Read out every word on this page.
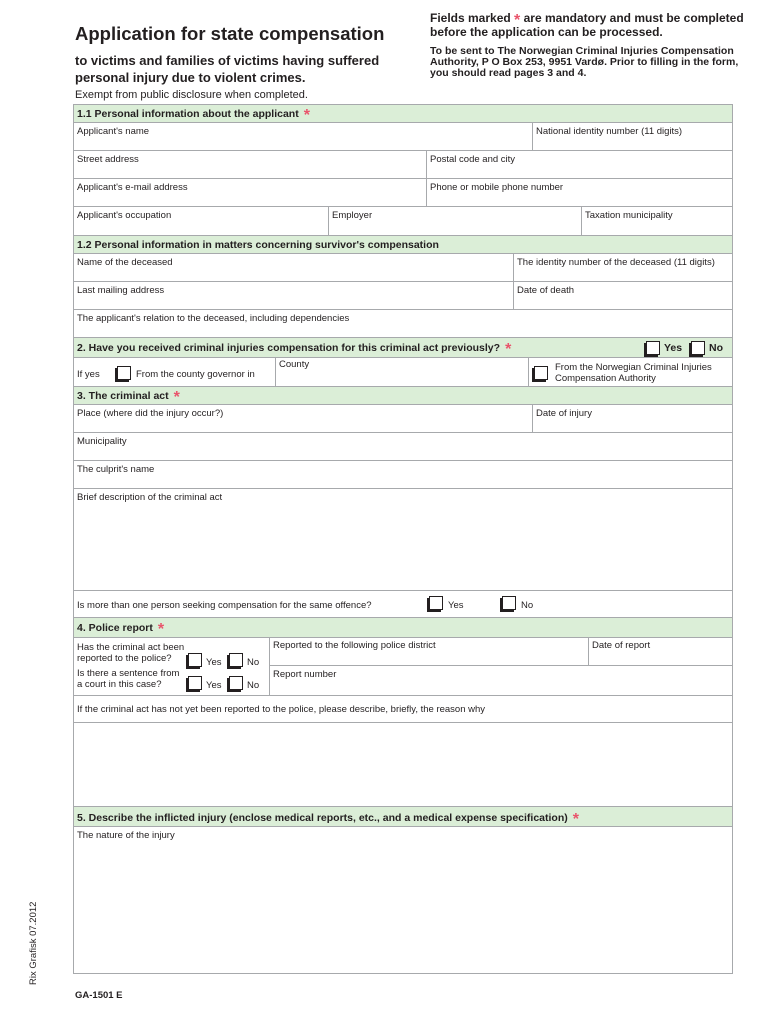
Application for state compensation
to victims and families of victims having suffered personal injury due to violent crimes.
Exempt from public disclosure when completed.
Fields marked * are mandatory and must be completed before the application can be processed.
To be sent to The Norwegian Criminal Injuries Compensation Authority, P O Box 253, 9951 Vardø. Prior to filling in the form, you should read pages 3 and 4.
1.1 Personal information about the applicant *
Applicant's name	National identity number (11 digits)
Street address	Postal code and city
Applicant's e-mail address	Phone or mobile phone number
Applicant's occupation	Employer	Taxation municipality
1.2 Personal information in matters concerning survivor's compensation
Name of the deceased	The identity number of the deceased (11 digits)
Last mailing address	Date of death
The applicant's relation to the deceased, including dependencies
2. Have you received criminal injuries compensation for this criminal act previously? *	Yes	No
If yes	From the county governor in
County	From the Norwegian Criminal Injuries Compensation Authority
3. The criminal act *
Place (where did the injury occur?)	Date of injury
Municipality
The culprit's name
Brief description of the criminal act
Is more than one person seeking compensation for the same offence?	Yes	No
4. Police report *
Has the criminal act been reported to the police?	Yes	No
Is there a sentence from a court in this case?	Yes	No
Reported to the following police district	Date of report
Report number
If the criminal act has not yet been reported to the police, please describe, briefly, the reason why
5. Describe the inflicted injury (enclose medical reports, etc., and a medical expense specification) *
The nature of the injury
Rix Grafisk 07.2012
GA-1501 E
